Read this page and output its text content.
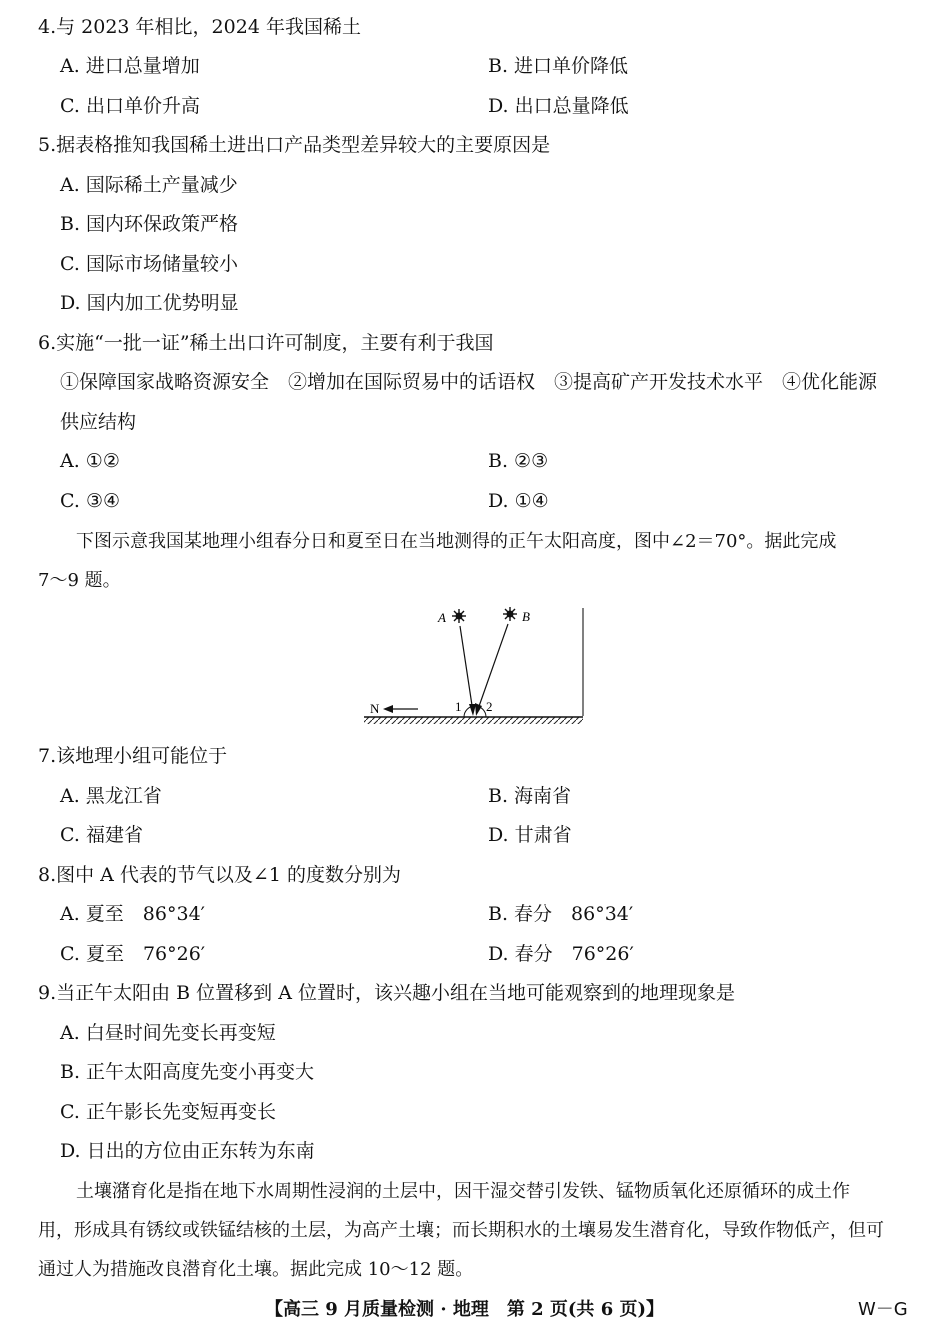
4.与 2023 年相比，2024 年我国稀土
A. 进口总量增加	B. 进口单价降低
C. 出口单价升高	D. 出口总量降低
5.据表格推知我国稀土进出口产品类型差异较大的主要原因是
A. 国际稀土产量减少
B. 国内环保政策严格
C. 国际市场储量较小
D. 国内加工优势明显
6.实施“一批一证”稀土出口许可制度，主要有利于我国
①保障国家战略资源安全　②增加在国际贸易中的话语权　③提高矿产开发技术水平　④优化能源
供应结构
A. ①②	B. ②③
C. ③④	D. ①④
下图示意我国某地理小组春分日和夏至日在当地测得的正午太阳高度，图中∠2＝70°。据此完成
7～9 题。
A	B
1 2
N
7.该地理小组可能位于
A. 黑龙江省	B. 海南省
C. 福建省	D. 甘肃省
8.图中 A 代表的节气以及∠1 的度数分别为
A. 夏至　86°34′	B. 春分　86°34′
C. 夏至　76°26′	D. 春分　76°26′
9.当正午太阳由 B 位置移到 A 位置时，该兴趣小组在当地可能观察到的地理现象是
A. 白昼时间先变长再变短
B. 正午太阳高度先变小再变大
C. 正午影长先变短再变长
D. 日出的方位由正东转为东南
土壤潴育化是指在地下水周期性浸润的土层中，因干湿交替引发铁、锰物质氧化还原循环的成土作
用，形成具有锈纹或铁锰结核的土层，为高产土壤；而长期积水的土壤易发生潜育化，导致作物低产，但可
通过人为措施改良潜育化土壤。据此完成 10～12 题。
【高三 9 月质量检测 · 地理　第 2 页(共 6 页)】	W－G
